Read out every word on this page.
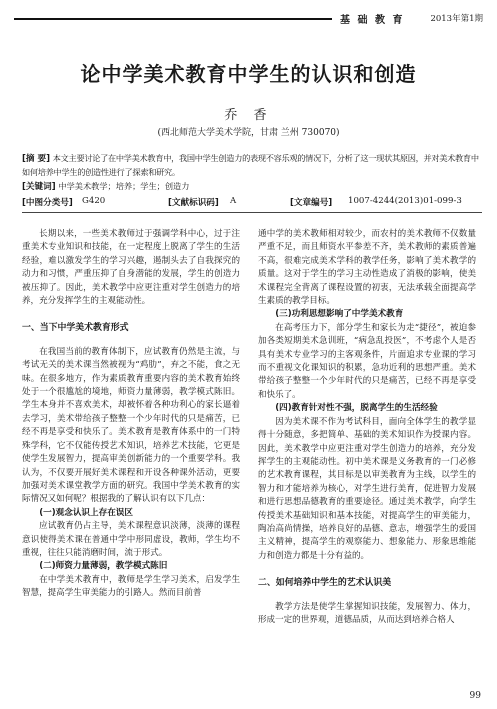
基 础 教 育	2013年第1期
论中学美术教育中学生的认识和创造
乔 香
(西北师范大学美术学院，甘肃 兰州 730070)
[摘 要] 本文主要讨论了在中学美术教育中，我国中学生创造力的表现不容乐观的情况下，分析了这一现状其原因，并对美术教育中如何培养中学生的创造性进行了探索和研究。
[关键词] 中学美术教学；培养；学生；创造力
[中图分类号] G420	[文献标识码] A	[文章编号] 1007-4244(2013)01-099-3

长期以来，一些美术教师过于强调学科中心，过于注重美术专业知识和技能，在一定程度上脱离了学生的生活经验，难以激发学生的学习兴趣，遏制头去了自我探究的动力和习惯，严重压抑了自身潜能的发展，学生的创造力被压抑了。因此，美术教学中应更注重对学生创造力的培养，充分发挥学生的主观能动性。

一、当下中学美术教育形式

在我国当前的教育体制下，应试教育仍然是主流，与考试无关的美术课当然被视为“鸡肋”，弃之不能，食之无味。在很多地方，作为素质教育重要内容的美术教育始终处于一个很尴尬的境地，师资力量薄弱，教学模式陈旧。学生本身并不喜欢美术，却被怀着各种功利心的家长逼着去学习，美术带给孩子整整一个少年时代的只是痛苦，已经不再是享受和快乐了。美术教育是教育体系中的一门特殊学科，它不仅能传授艺术知识，培养艺术技能，它更是使学生发展智力，提高审美创新能力的一个重要学科。我认为，不仅要开展好美术课程和开设各种课外活动，更要加强对美术课堂教学方面的研究。我国中学美术教育的实际情况又如何呢？根据我的了解认识有以下几点：

(一)观念认识上存在误区

应试教育仍占主导，美术课程意识淡薄，淡薄的课程意识使得美术课在普通中学中形同虚设，教师，学生均不重视，往往只能消磨时间，流于形式。

(二)师资力量薄弱，教学模式陈旧

在中学美术教育中，教师是学生学习美术，启发学生智慧，提高学生审美能力的引路人。然而目前普

通中学的美术教师相对较少，而农村的美术教师不仅数量严重不足，而且师资水平参差不齐，美术教师的素质普遍不高，很难完成美术学科的教学任务，影响了美术教学的质量。这对于学生的学习主动性造成了消极的影响，使美术课程完全背离了课程设置的初衷，无法承载全面提高学生素质的教学目标。

(三)功利思想影响了中学美术教育

在高考压力下，部分学生和家长为走“捷径”，被迫参加各类短期美术急训班，“病急乱投医”，不考虑个人是否具有美术专业学习的主客观条件，片面追求专业课的学习而不重视文化课知识的积累，急功近利的思想严重。美术带给孩子整整一个少年时代的只是痛苦，已经不再是享受和快乐了。

(四)教育针对性不强，脱离学生的生活经验

因为美术课不作为考试科目，面向全体学生的教学显得十分随意，多把简单、基础的美术知识作为授课内容。因此，美术教学中应更注重对学生创造力的培养，充分发挥学生的主观能动性。初中美术课是义务教育的一门必修的艺术教育课程，其目标是以审美教育为主线，以学生的智力和才能培养为核心，对学生进行美育，促进智力发展和进行思想品德教育的重要途径。通过美术教学，向学生传授美术基础知识和基本技能，对提高学生的审美能力，陶冶高尚情操，培养良好的品德、意志，增强学生的爱国主义精神，提高学生的观察能力、想象能力、形象思维能力和创造力都是十分有益的。

二、如何培养中学生的艺术认识美

教学方法是使学生掌握知识技能，发展智力、体力，形成一定的世界观，道德品质，从而达到培养合格人

99
